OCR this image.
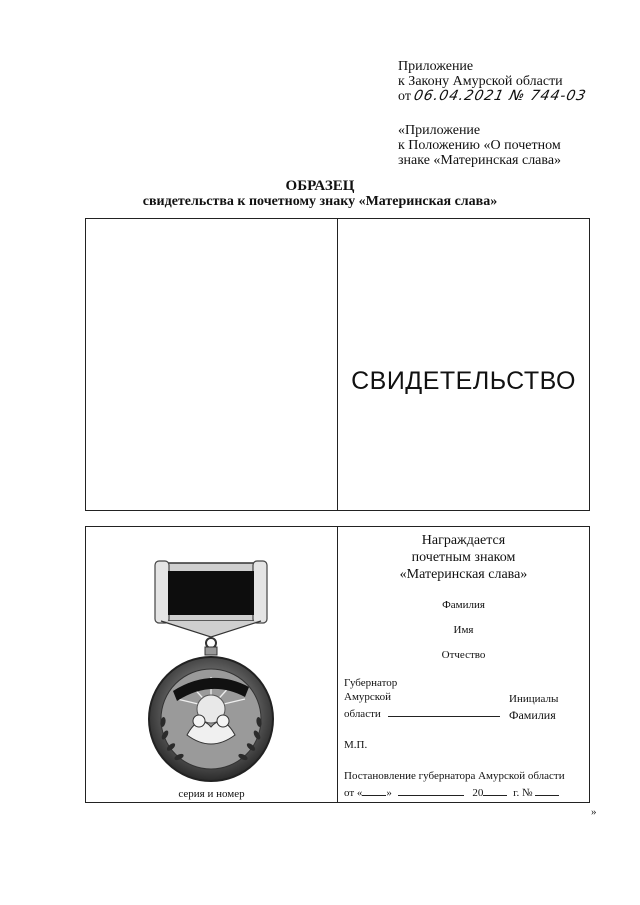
Приложение
к Закону Амурской области
от 06.04.2021 № 744-03
«Приложение
к Положению «О почетном
знаке «Материнская слава»
ОБРАЗЕЦ
свидетельства к почетному знаку «Материнская слава»
СВИДЕТЕЛЬСТВО
серия и номер
Награждается
почетным знаком
«Материнская слава»
Фамилия
Имя
Отчество
Губернатор
Амурской
области
Инициалы
Фамилия
М.П.
Постановление губернатора Амурской области
от « »	20	г. №
»
